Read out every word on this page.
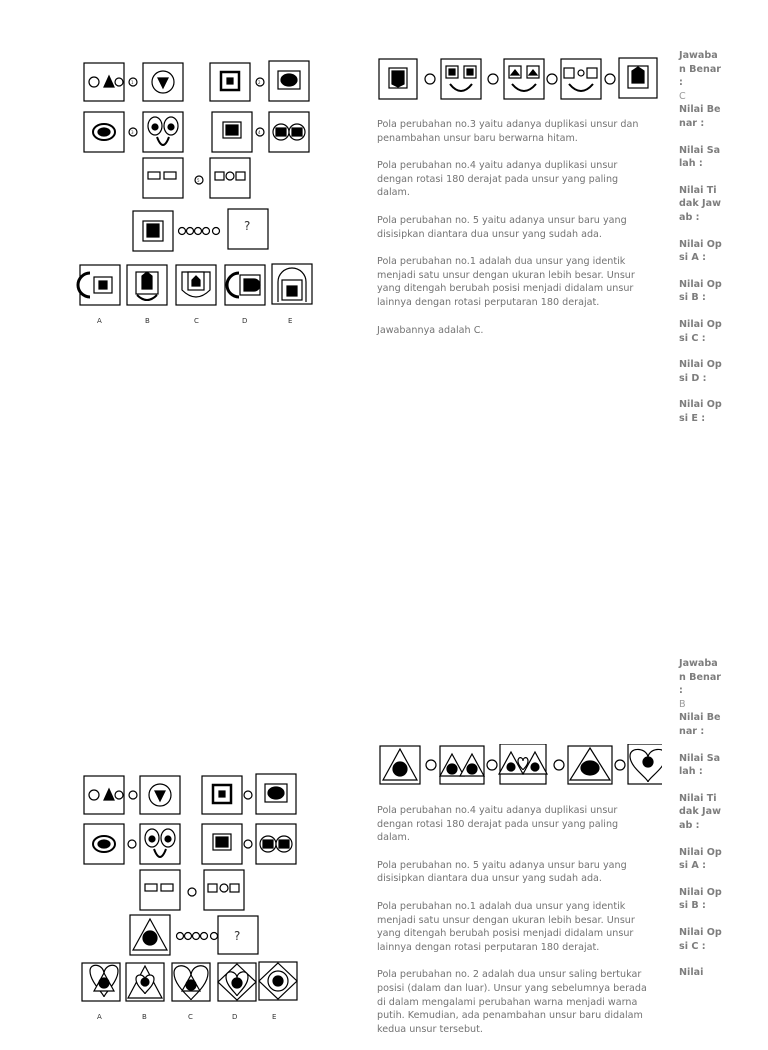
A	B	C	D	E
?
1	2
3	4
5

Pola perubahan no.3 yaitu adanya duplikasi unsur dan penambahan unsur baru berwarna hitam.

Pola perubahan no.4 yaitu adanya duplikasi unsur dengan rotasi 180 derajat pada unsur yang paling dalam.

Pola perubahan no. 5 yaitu adanya unsur baru yang disisipkan diantara dua unsur yang sudah ada.

Pola perubahan no.1 adalah dua unsur yang identik menjadi satu unsur dengan ukuran lebih besar. Unsur yang ditengah berubah posisi menjadi didalam unsur lainnya dengan rotasi perputaran 180 derajat.

Jawabannya adalah C.

Jawaban Benar :
C
Nilai Benar :
Nilai Salah :
Nilai Tidak Jawab :
Nilai Opsi A :
Nilai Opsi B :
Nilai Opsi C :
Nilai Opsi D :
Nilai Opsi E :
A	B	C	D	E
?

Pola perubahan no.4 yaitu adanya duplikasi unsur dengan rotasi 180 derajat pada unsur yang paling dalam.

Pola perubahan no. 5 yaitu adanya unsur baru yang disisipkan diantara dua unsur yang sudah ada.

Pola perubahan no.1 adalah dua unsur yang identik menjadi satu unsur dengan ukuran lebih besar. Unsur yang ditengah berubah posisi menjadi didalam unsur lainnya dengan rotasi perputaran 180 derajat.

Pola perubahan no. 2 adalah dua unsur saling bertukar posisi (dalam dan luar). Unsur yang sebelumnya berada di dalam mengalami perubahan warna menjadi warna putih. Kemudian, ada penambahan unsur baru didalam kedua unsur tersebut.

Jawaban Benar :
B
Nilai Benar :
Nilai Salah :
Nilai Tidak Jawab :
Nilai Opsi A :
Nilai Opsi B :
Nilai Opsi C :
Nilai
